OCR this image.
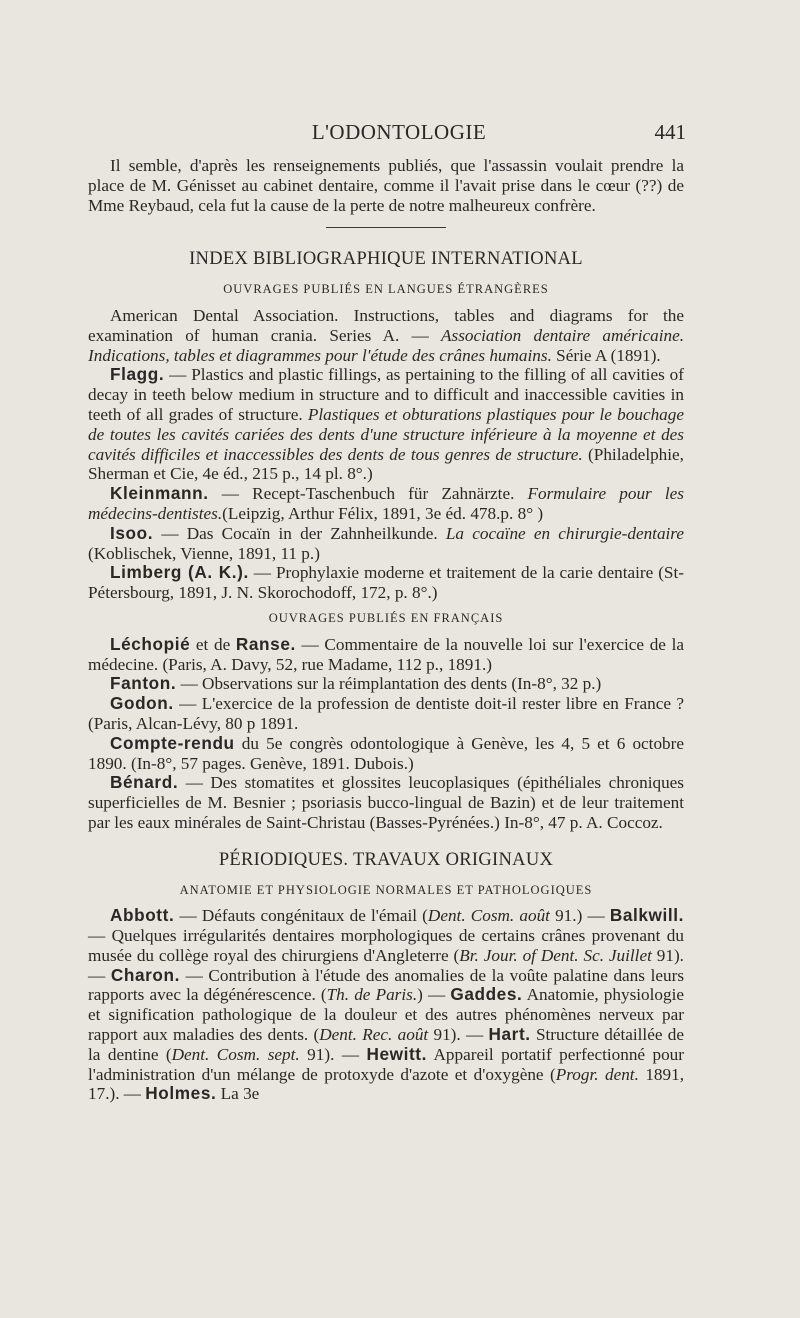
L'ODONTOLOGIE	441

Il semble, d'après les renseignements publiés, que l'assassin voulait prendre la place de M. Génisset au cabinet dentaire, comme il l'avait prise dans le cœur (??) de Mme Reybaud, cela fut la cause de la perte de notre malheureux confrère.

INDEX BIBLIOGRAPHIQUE INTERNATIONAL
OUVRAGES PUBLIÉS EN LANGUES ÉTRANGÈRES

American Dental Association. Instructions, tables and diagrams for the examination of human crania. Series A. — Association dentaire américaine. Indications, tables et diagrammes pour l'étude des crânes humains. Série A (1891).

Flagg. — Plastics and plastic fillings, as pertaining to the filling of all cavities of decay in teeth below medium in structure and to difficult and inaccessible cavities in teeth of all grades of structure. Plastiques et obturations plastiques pour le bouchage de toutes les cavités cariées des dents d'une structure inférieure à la moyenne et des cavités difficiles et inaccessibles des dents de tous genres de structure. (Philadelphie, Sherman et Cie, 4e éd., 215 p., 14 pl. 8°.)

Kleinmann. — Recept-Taschenbuch für Zahnärzte. Formulaire pour les médecins-dentistes.(Leipzig, Arthur Félix, 1891, 3e éd. 478.p. 8° )

Isoo. — Das Cocaïn in der Zahnheilkunde. La cocaïne en chirurgie-dentaire (Koblischek, Vienne, 1891, 11 p.)

Limberg (A. K.). — Prophylaxie moderne et traitement de la carie dentaire (St-Pétersbourg, 1891, J. N. Skorochodoff, 172, p. 8°.)

OUVRAGES PUBLIÉS EN FRANÇAIS

Léchopié et de Ranse. — Commentaire de la nouvelle loi sur l'exercice de la médecine. (Paris, A. Davy, 52, rue Madame, 112 p., 1891.)

Fanton. — Observations sur la réimplantation des dents (In-8°, 32 p.)

Godon. — L'exercice de la profession de dentiste doit-il rester libre en France ? (Paris, Alcan-Lévy, 80 p 1891.

Compte-rendu du 5e congrès odontologique à Genève, les 4, 5 et 6 octobre 1890. (In-8°, 57 pages. Genève, 1891. Dubois.)

Bénard. — Des stomatites et glossites leucoplasiques (épithéliales chroniques superficielles de M. Besnier ; psoriasis bucco-lingual de Bazin) et de leur traitement par les eaux minérales de Saint-Christau (Basses-Pyrénées.) In-8°, 47 p. A. Coccoz.

PÉRIODIQUES. TRAVAUX ORIGINAUX
ANATOMIE ET PHYSIOLOGIE NORMALES ET PATHOLOGIQUES

Abbott. — Défauts congénitaux de l'émail (Dent. Cosm. août 91.) — Balkwill. — Quelques irrégularités dentaires morphologiques de certains crânes provenant du musée du collège royal des chirurgiens d'Angleterre (Br. Jour. of Dent. Sc. Juillet 91). — Charon. — Contribution à l'étude des anomalies de la voûte palatine dans leurs rapports avec la dégénérescence. (Th. de Paris.) — Gaddes. Anatomie, physiologie et signification pathologique de la douleur et des autres phénomènes nerveux par rapport aux maladies des dents. (Dent. Rec. août 91). — Hart. Structure détaillée de la dentine (Dent. Cosm. sept. 91). — Hewitt. Appareil portatif perfectionné pour l'administration d'un mélange de protoxyde d'azote et d'oxygène (Progr. dent. 1891, 17.). — Holmes. La 3e
